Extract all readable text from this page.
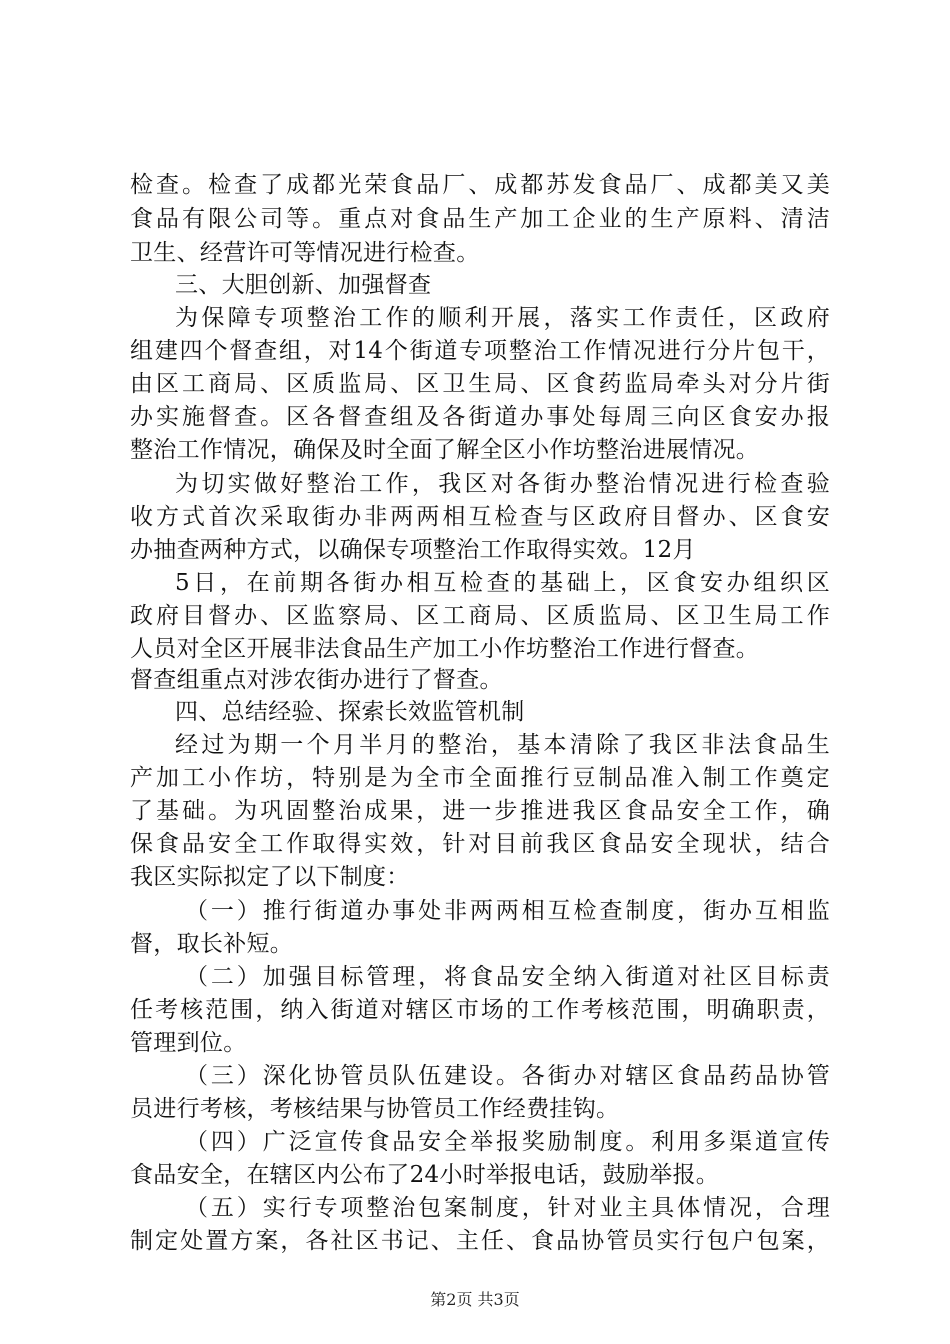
检查。检查了成都光荣食品厂、成都苏发食品厂、成都美又美
食品有限公司等。重点对食品生产加工企业的生产原料、清洁
卫生、经营许可等情况进行检查。
三、大胆创新、加强督查
为保障专项整治工作的顺利开展，落实工作责任，区政府
组建四个督查组，对14个街道专项整治工作情况进行分片包干，
由区工商局、区质监局、区卫生局、区食药监局牵头对分片街
办实施督查。区各督查组及各街道办事处每周三向区食安办报
整治工作情况，确保及时全面了解全区小作坊整治进展情况。
为切实做好整治工作，我区对各街办整治情况进行检查验
收方式首次采取街办非两两相互检查与区政府目督办、区食安
办抽查两种方式，以确保专项整治工作取得实效。12月
5日，在前期各街办相互检查的基础上，区食安办组织区
政府目督办、区监察局、区工商局、区质监局、区卫生局工作
人员对全区开展非法食品生产加工小作坊整治工作进行督查。
督查组重点对涉农街办进行了督查。
四、总结经验、探索长效监管机制
经过为期一个月半月的整治，基本清除了我区非法食品生
产加工小作坊，特别是为全市全面推行豆制品准入制工作奠定
了基础。为巩固整治成果，进一步推进我区食品安全工作，确
保食品安全工作取得实效，针对目前我区食品安全现状，结合
我区实际拟定了以下制度：
（一）推行街道办事处非两两相互检查制度，街办互相监
督，取长补短。
（二）加强目标管理，将食品安全纳入街道对社区目标责
任考核范围，纳入街道对辖区市场的工作考核范围，明确职责，
管理到位。
（三）深化协管员队伍建设。各街办对辖区食品药品协管
员进行考核，考核结果与协管员工作经费挂钩。
（四）广泛宣传食品安全举报奖励制度。利用多渠道宣传
食品安全，在辖区内公布了24小时举报电话，鼓励举报。
（五）实行专项整治包案制度，针对业主具体情况，合理
制定处置方案，各社区书记、主任、食品协管员实行包户包案，
第2页 共3页
